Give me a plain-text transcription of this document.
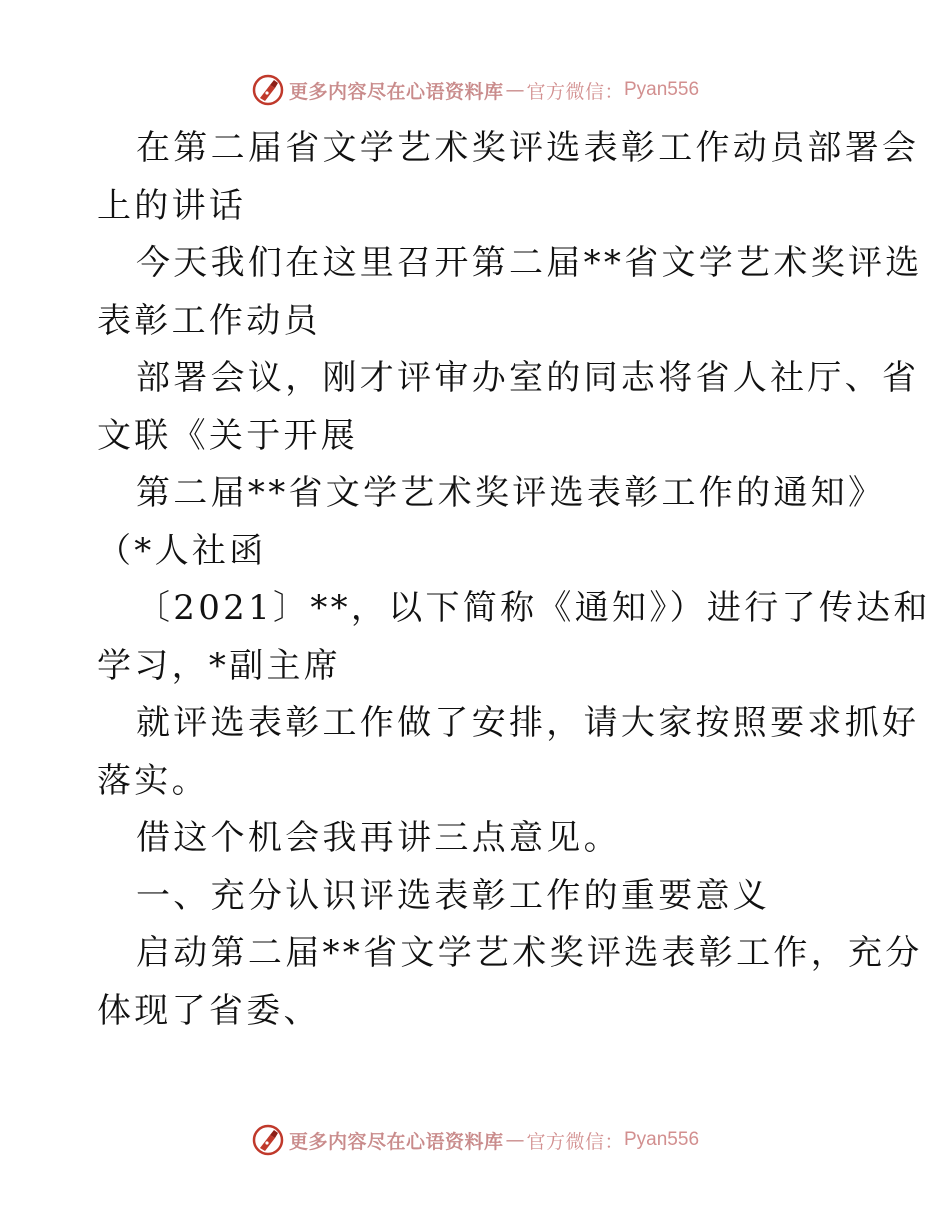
更多内容尽在心语资料库 — 官方微信： Pyan556
在第二届省文学艺术奖评选表彰工作动员部署会
上的讲话
今天我们在这里召开第二届**省文学艺术奖评选
表彰工作动员
部署会议，刚才评审办室的同志将省人社厅、省
文联《关于开展
第二届**省文学艺术奖评选表彰工作的通知》
（*人社函
〔2021〕**，以下简称《通知》）进行了传达和
学习，*副主席
就评选表彰工作做了安排，请大家按照要求抓好
落实。
借这个机会我再讲三点意见。
一、充分认识评选表彰工作的重要意义
启动第二届**省文学艺术奖评选表彰工作，充分
体现了省委、
更多内容尽在心语资料库 — 官方微信： Pyan556
